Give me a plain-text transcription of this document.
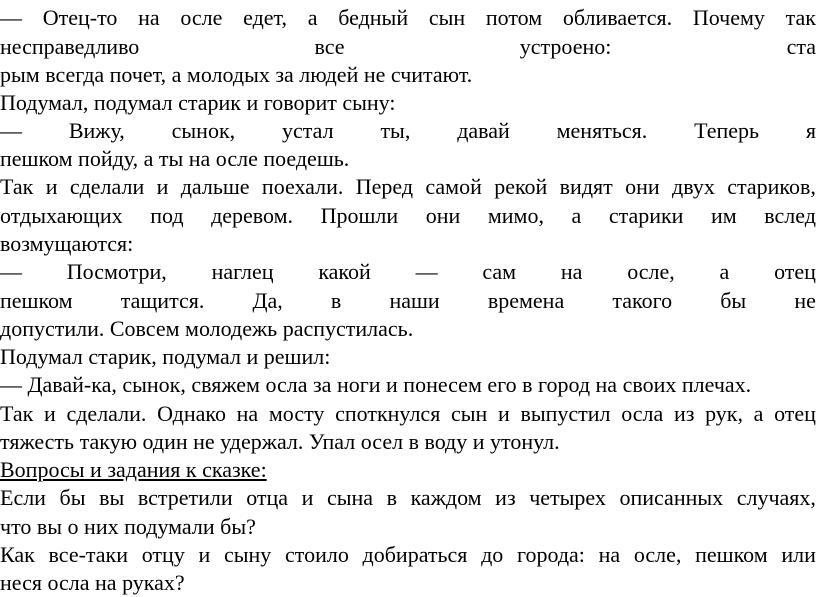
— Отец-то на осле едет, а бедный сын потом обливается. Почему так
несправедливо	все	устроено:	ста
рым всегда почет, а молодых за людей не считают.
Подумал, подумал старик и говорит сыну:
— Вижу, сынок, устал ты, давай меняться. Теперь я
пешком пойду, а ты на осле поедешь.
Так и сделали и дальше поехали. Перед самой рекой видят они двух стариков,
отдыхающих под деревом. Прошли они мимо, а старики им вслед
возмущаются:
— Посмотри, наглец какой — сам на осле, а отец
пешком тащится. Да, в наши времена такого бы не
допустили. Совсем молодежь распустилась.
Подумал старик, подумал и решил:
— Давай-ка, сынок, свяжем осла за ноги и понесем его в город на своих плечах.
Так и сделали. Однако на мосту споткнулся сын и выпустил осла из рук, а отец
тяжесть такую один не удержал. Упал осел в воду и утонул.
Вопросы и задания к сказке:
Если бы вы встретили отца и сына в каждом из четырех описанных случаях,
что вы о них подумали бы?
Как все-таки отцу и сыну стоило добираться до города: на осле, пешком или
неся осла на руках?
